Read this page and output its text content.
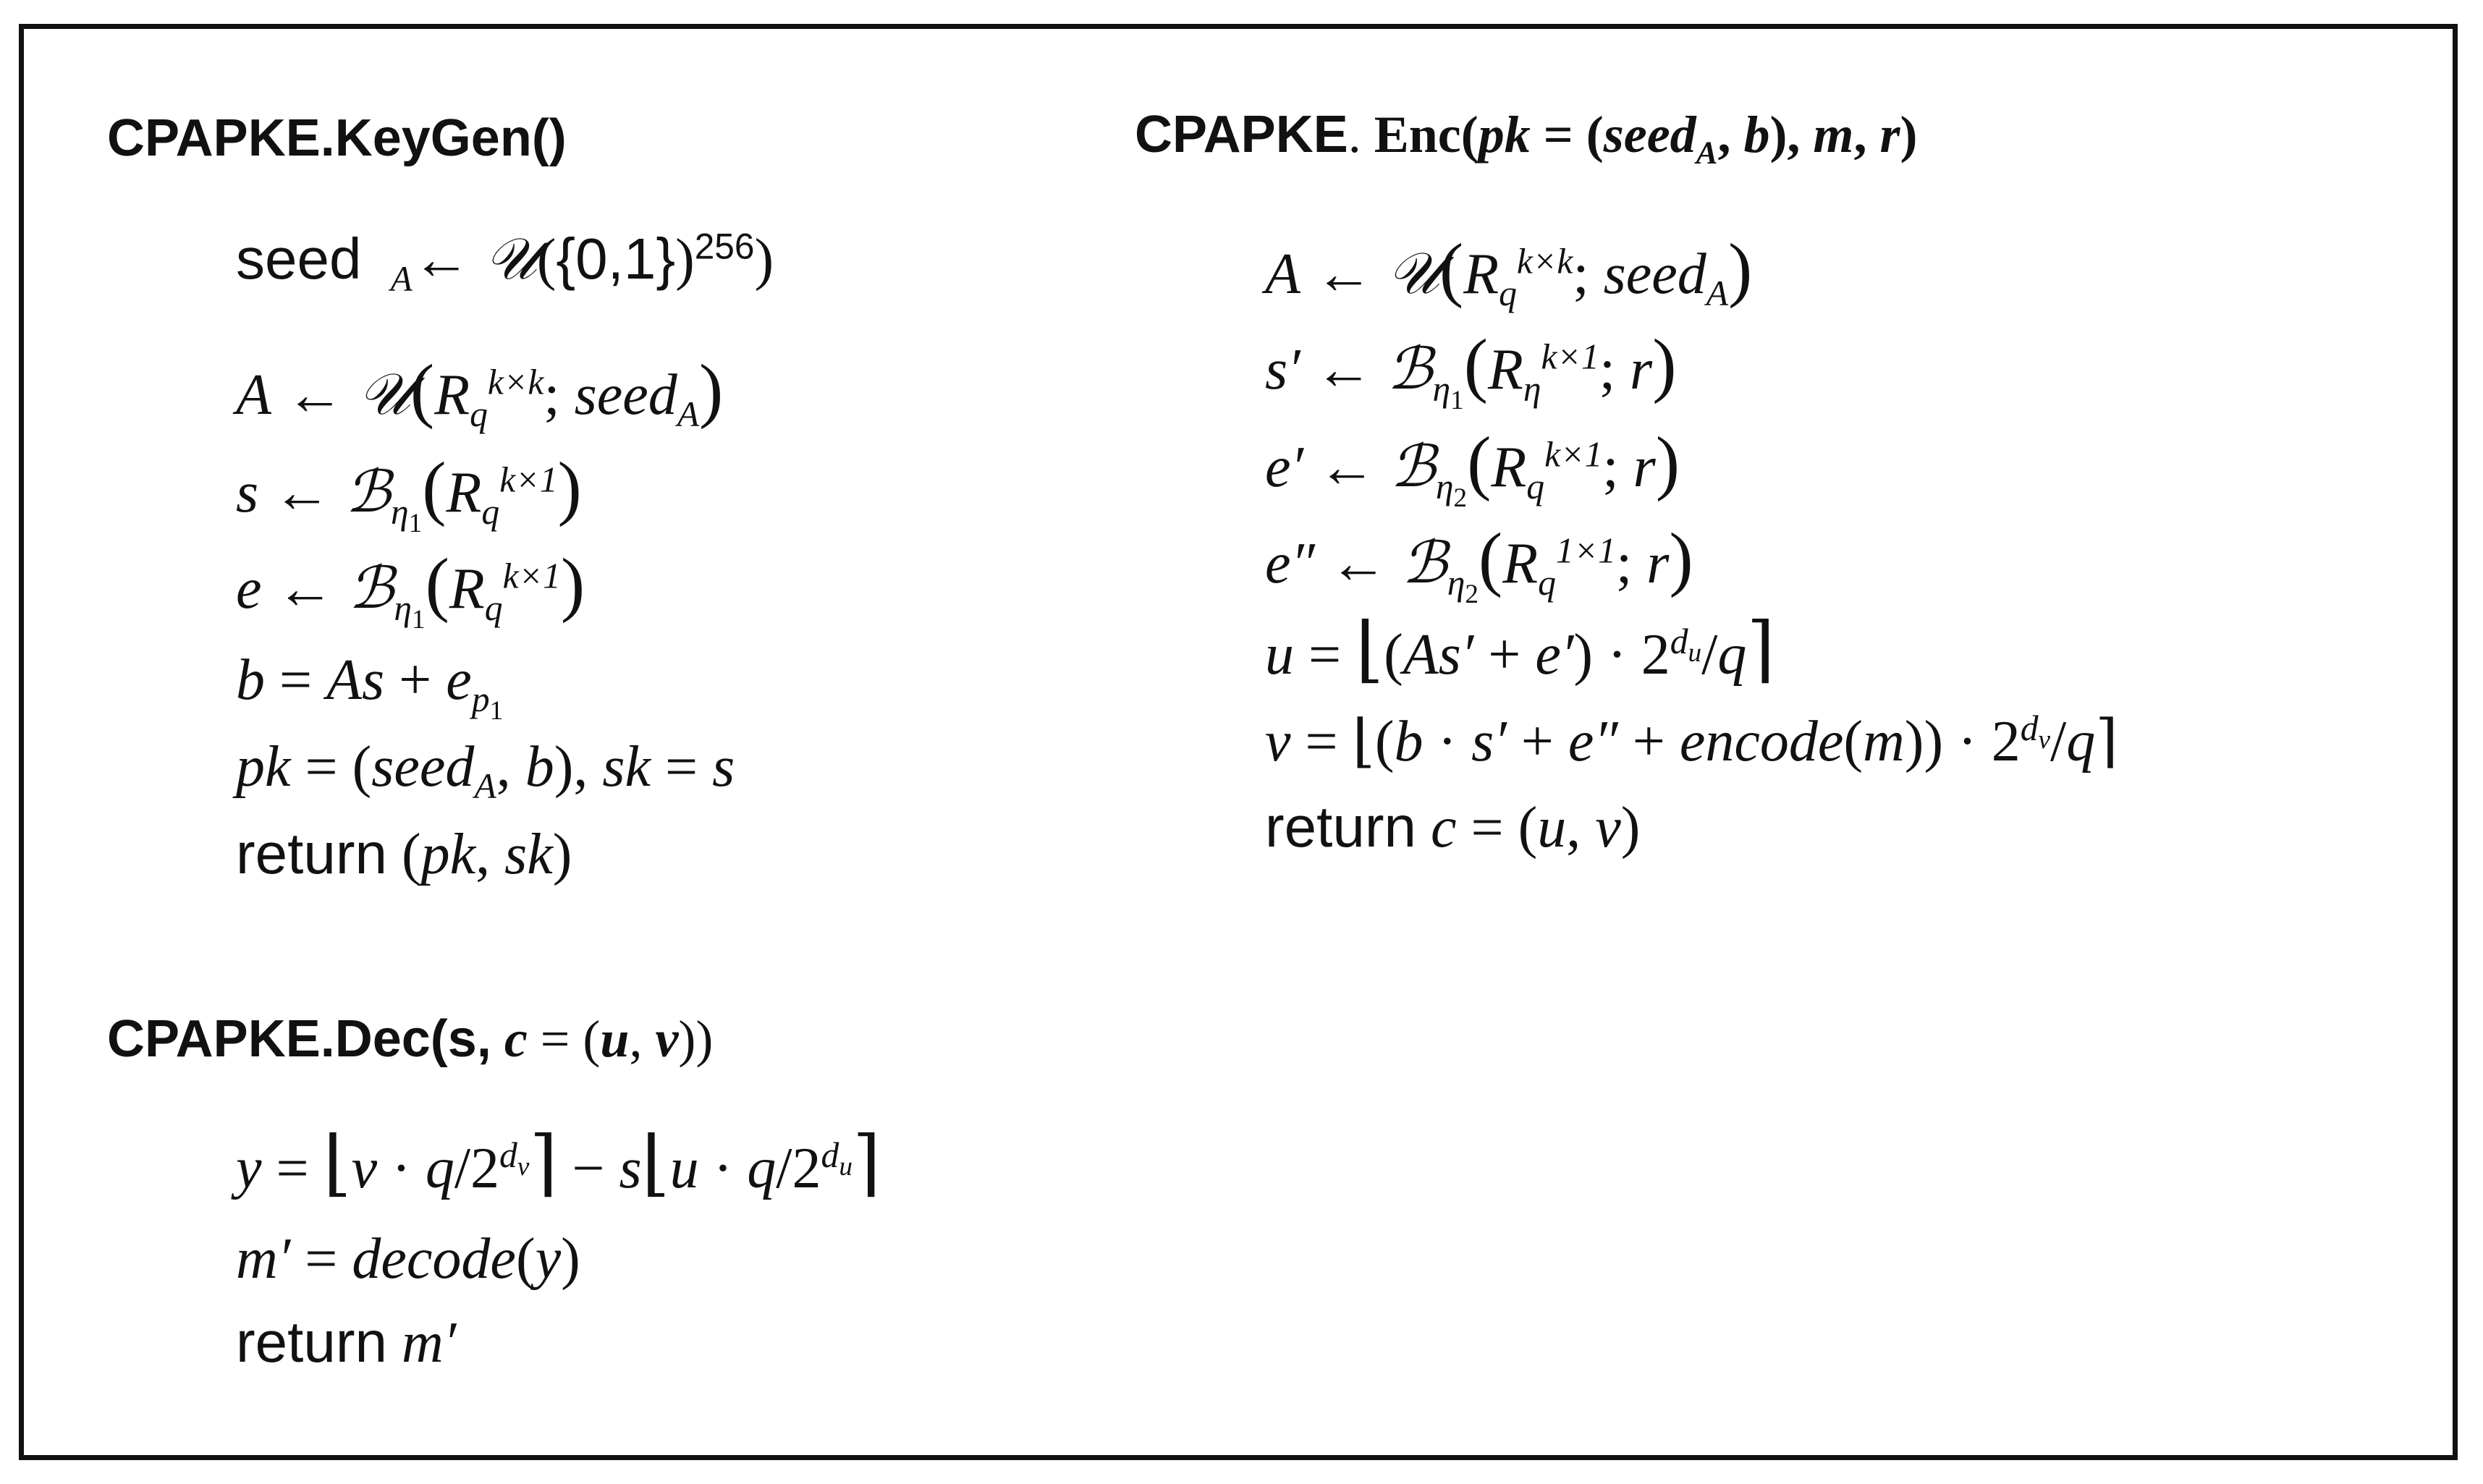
CPAPKE.KeyGen()
seed $_A$← $𝒰(\{0,1\})^{256}$)
A ← $𝒰(R_q^{k\times k}$; seed$_A$)
s ← $ℬ_{\eta_1}(R_q^{k\times 1})$
e ← $ℬ_{\eta_1}(R_q^{k\times 1})$
$b = As + e_{p_1}$
pk = (seed$_A$, b), sk = s
return (pk, sk)
CPAPKE. Enc(pk = (seed$_A$, b), m, r)
A ← $𝒰(R_q^{k\times k}$; seed$_A$)
s′ ← $ℬ_{\eta_1}(R_\eta^{k\times 1}$; r)
e′ ← $ℬ_{\eta_2}(R_q^{k\times 1}$; r)
e″ ← $ℬ_{\eta_2}(R_q^{1\times 1}$; r)
u = ⌊(As′ + $e') \cdot 2^{d_u}/q⌉$
v = ⌊(b · s′ + e″ + encode(m)) · $2^{d_v}/q⌉$
return c = (u, v)
CPAPKE.Dec(s, c = (u, v))
y = ⌊v · $q/2^{d_v}⌉$ − s⌊u · $q/2^{d_u}⌉$
m′ = decode(y)
return m′
